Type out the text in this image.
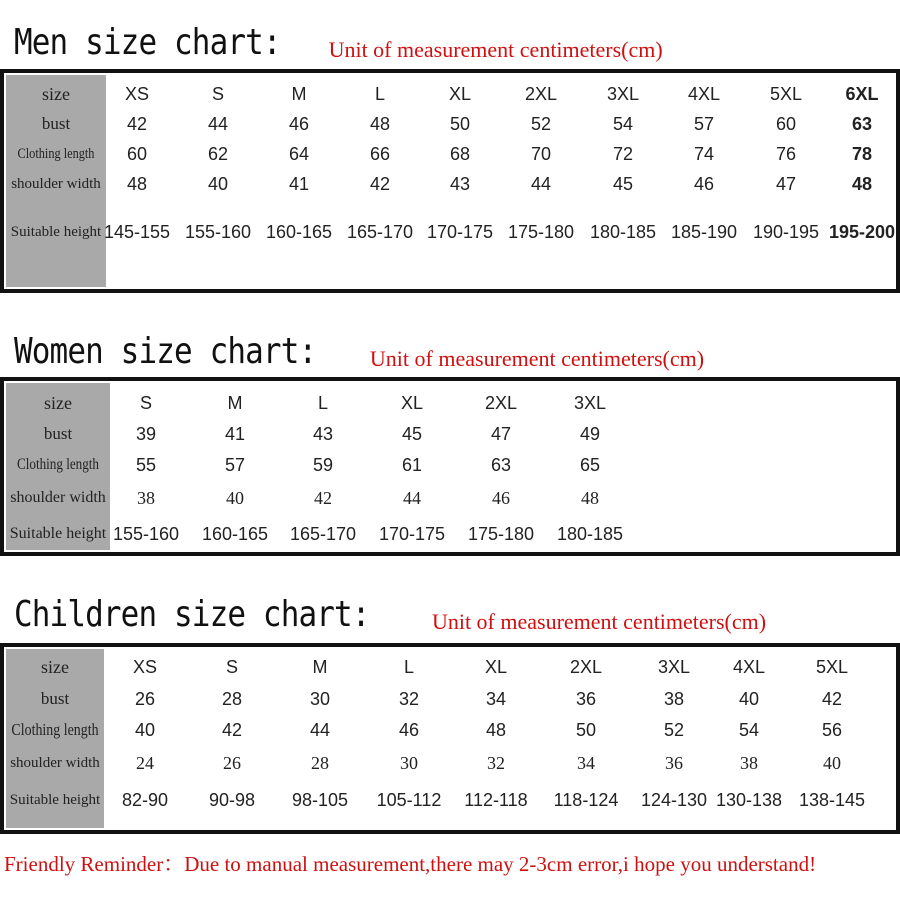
Men size chart: Unit of measurement centimeters(cm)
size
bust
Clothing length
shoulder width
Suitable height
XS
42
60
48
145-155
S
44
62
40
155-160
M
46
64
41
160-165
L
48
66
42
165-170
XL
50
68
43
170-175
2XL
52
70
44
175-180
3XL
54
72
45
180-185
4XL
57
74
46
185-190
5XL
60
76
47
190-195
6XL
63
78
48
195-200
Women size chart: Unit of measurement centimeters(cm)
size
bust
Clothing length
shoulder width
Suitable height
S
39
55
38
155-160
M
41
57
40
160-165
L
43
59
42
165-170
XL
45
61
44
170-175
2XL
47
63
46
175-180
3XL
49
65
48
180-185
Children size chart:	Unit of measurement centimeters(cm)
size
bust
Clothing length
shoulder width
Suitable height
XS
26
40
24
82-90
S
28
42
26
90-98
M
30
44
28
98-105
L
32
46
30
105-112
XL
34
48
32
112-118
2XL
36
50
34
118-124
3XL
38
52
36
124-130
4XL
40
54
38
130-138
5XL
42
56
40
138-145
Friendly Reminder：Due to manual measurement,there may 2-3cm error,i hope you understand!
